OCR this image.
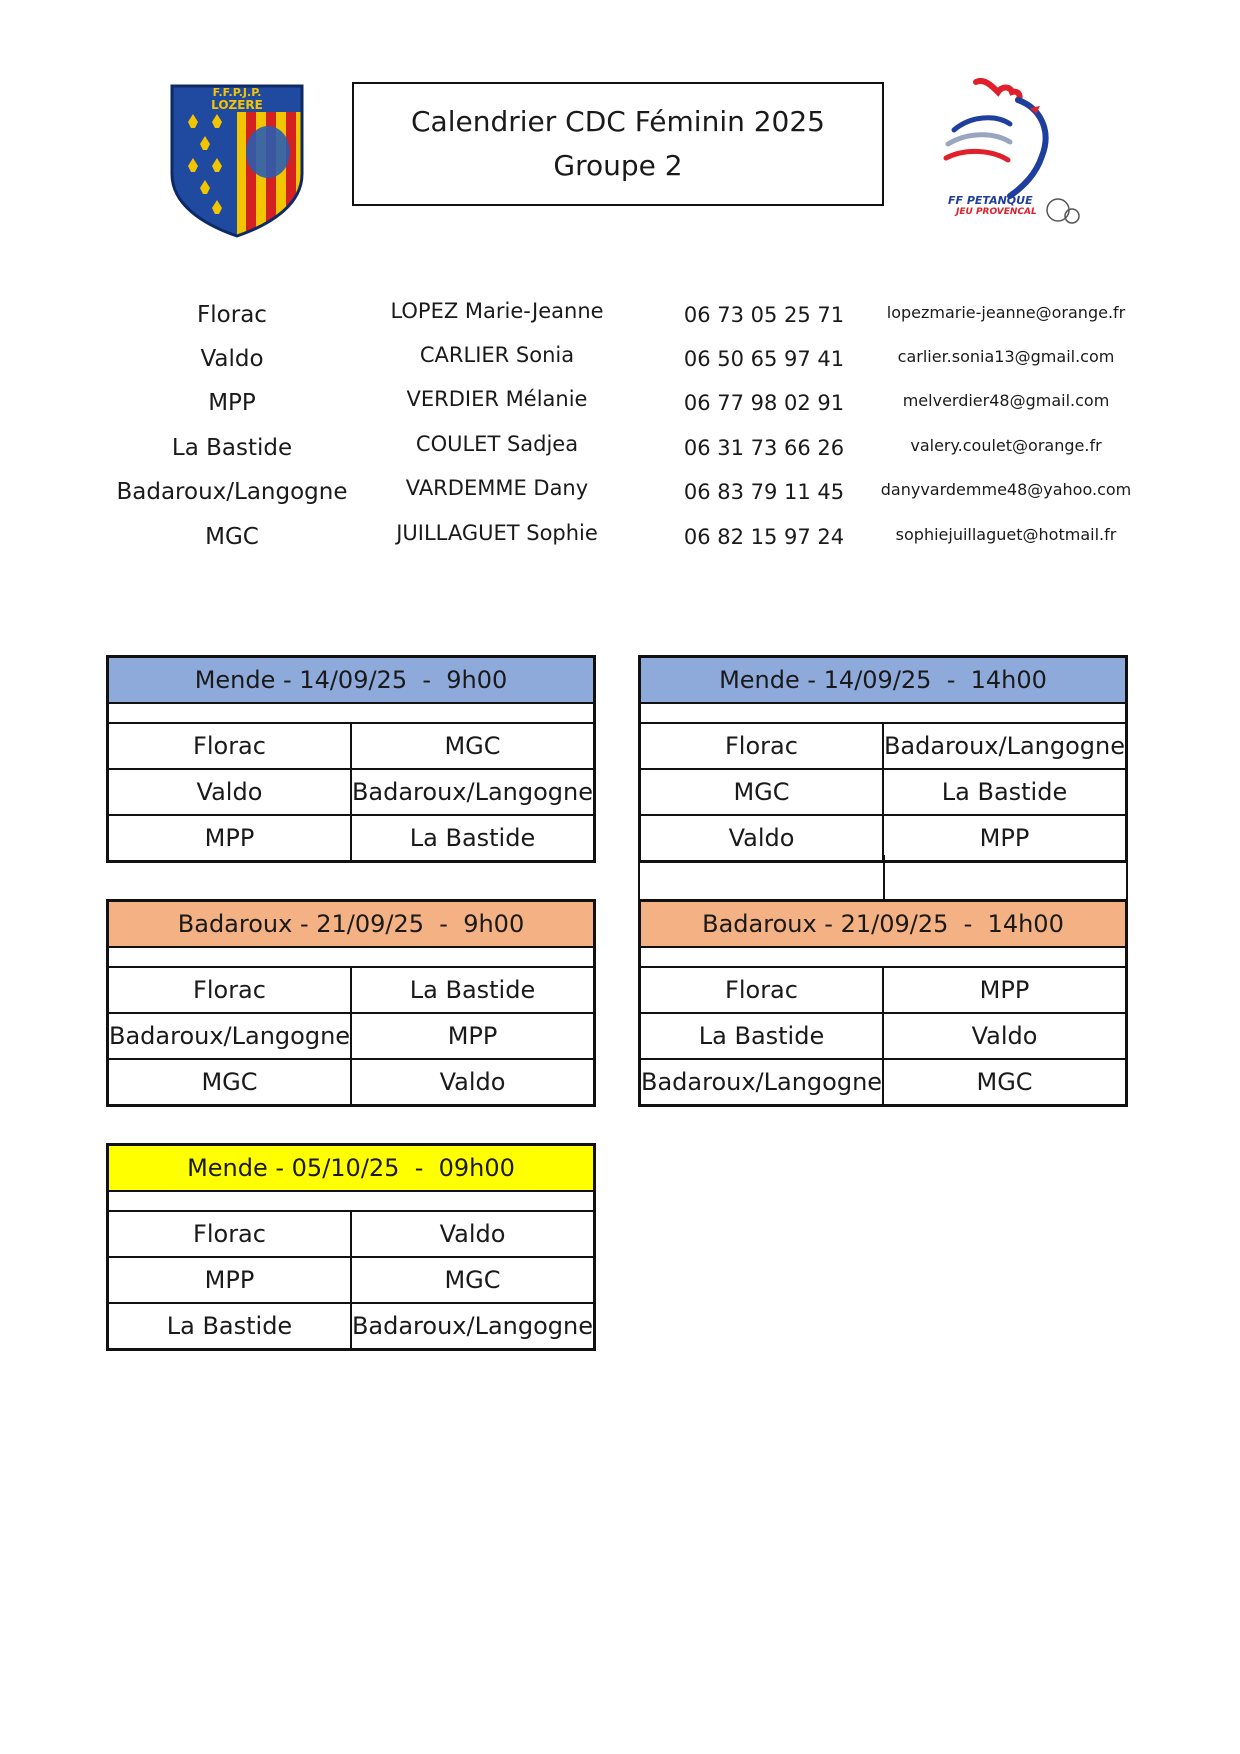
F.F.P.J.P.
LOZERE	Calendrier CDC Féminin 2025
Groupe 2
FF PETANQUE
JEU PROVENCAL
Florac	LOPEZ Marie-Jeanne	06 73 05 25 71	lopezmarie-jeanne@orange.fr
Valdo	CARLIER Sonia	06 50 65 97 41	carlier.sonia13@gmail.com
MPP	VERDIER Mélanie	06 77 98 02 91	melverdier48@gmail.com
La Bastide	COULET Sadjea	06 31 73 66 26	valery.coulet@orange.fr
Badaroux/Langogne	VARDEMME Dany	06 83 79 11 45	danyvardemme48@yahoo.com
MGC	JUILLAGUET Sophie	06 82 15 97 24	sophiejuillaguet@hotmail.fr
Mende - 14/09/25  -  9h00
Florac	MGC
Valdo	Badaroux/Langogne
MPP	La Bastide
Mende - 14/09/25  -  14h00
Florac	Badaroux/Langogne
MGC	La Bastide
Valdo	MPP
Badaroux - 21/09/25  -  9h00
Florac	La Bastide
Badaroux/Langogne	MPP
MGC	Valdo
Badaroux - 21/09/25  -  14h00
Florac	MPP
La Bastide	Valdo
Badaroux/Langogne	MGC
Mende - 05/10/25  -  09h00
Florac	Valdo
MPP	MGC
La Bastide	Badaroux/Langogne
